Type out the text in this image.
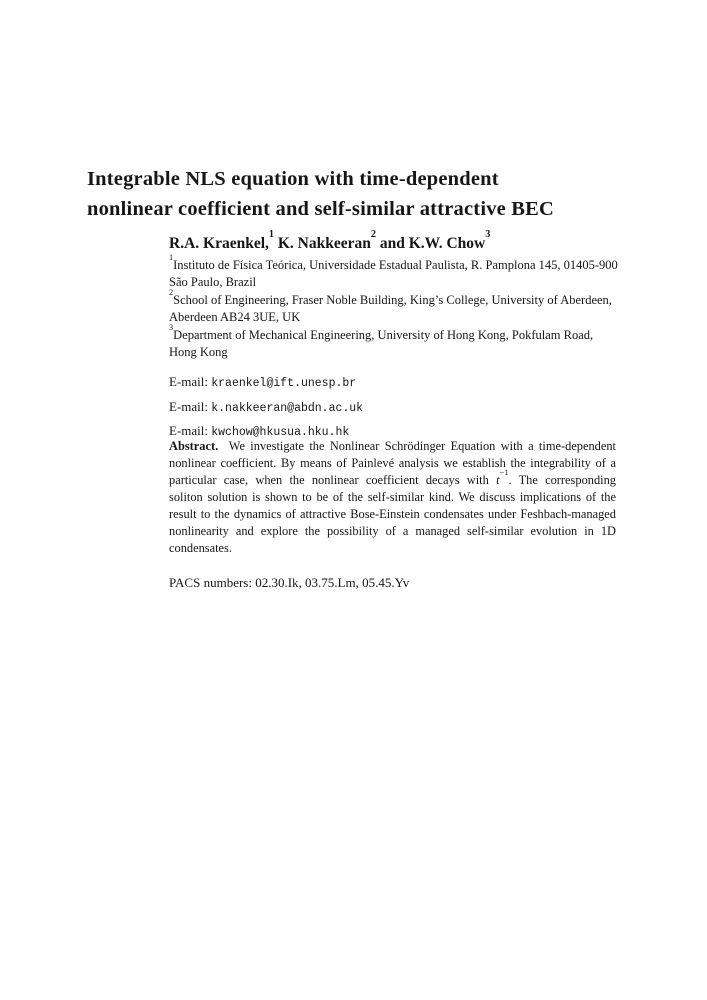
Integrable NLS equation with time-dependent
nonlinear coefficient and self-similar attractive BEC
R.A. Kraenkel,$^1$ K. Nakkeeran$^2$ and K.W. Chow$^3$

$^1$Instituto de Física Teórica, Universidade Estadual Paulista, R. Pamplona 145, 01405-900 São Paulo, Brazil

$^2$School of Engineering, Fraser Noble Building, King’s College, University of Aberdeen, Aberdeen AB24 3UE, UK

$^3$Department of Mechanical Engineering, University of Hong Kong, Pokfulam Road, Hong Kong

E-mail: kraenkel@ift.unesp.br

E-mail: k.nakkeeran@abdn.ac.uk

E-mail: kwchow@hkusua.hku.hk

Abstract. We investigate the Nonlinear Schrödinger Equation with a time-dependent nonlinear coefficient. By means of Painlevé analysis we establish the integrability of a particular case, when the nonlinear coefficient decays with $t^{-1}$. The corresponding soliton solution is shown to be of the self-similar kind. We discuss implications of the result to the dynamics of attractive Bose-Einstein condensates under Feshbach-managed nonlinearity and explore the possibility of a managed self-similar evolution in 1D condensates.

PACS numbers: 02.30.Ik, 03.75.Lm, 05.45.Yv
